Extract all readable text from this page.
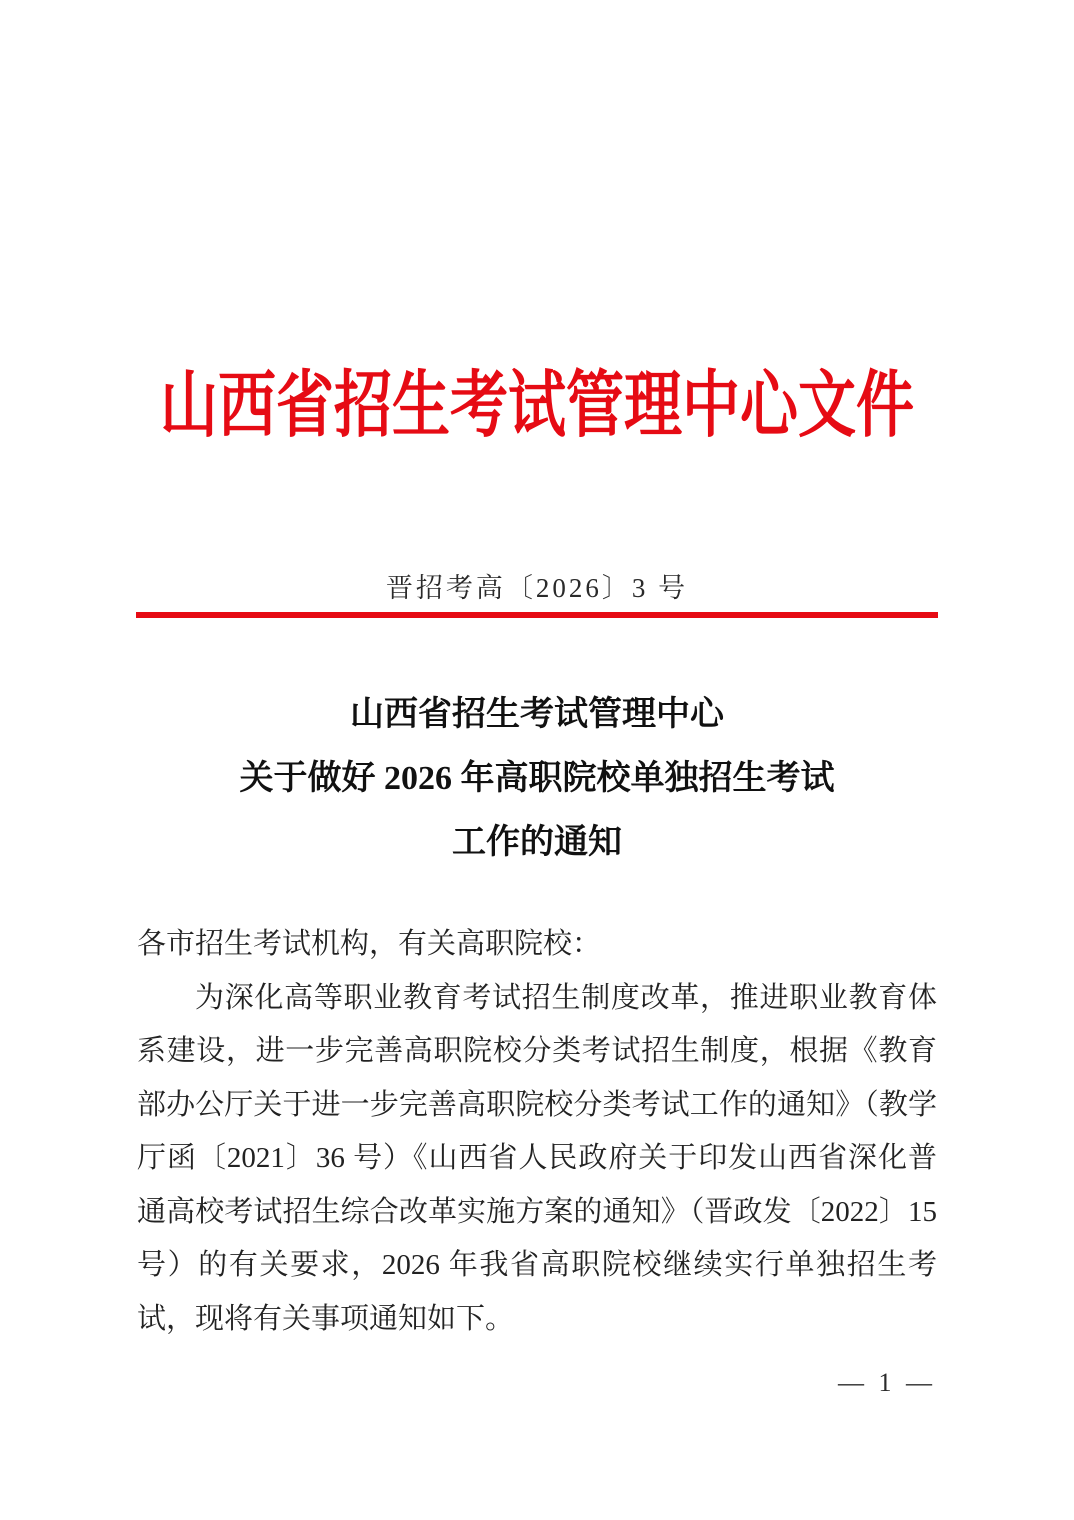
山西省招生考试管理中心文件
晋招考高〔2026〕3 号
山西省招生考试管理中心
关于做好 2026 年高职院校单独招生考试
工作的通知

各市招生考试机构，有关高职院校：

为深化高等职业教育考试招生制度改革，推进职业教育体系建设，进一步完善高职院校分类考试招生制度，根据《教育部办公厅关于进一步完善高职院校分类考试工作的通知》（教学厅函〔2021〕36 号）《山西省人民政府关于印发山西省深化普通高校考试招生综合改革实施方案的通知》（晋政发〔2022〕15 号）的有关要求，2026 年我省高职院校继续实行单独招生考试，现将有关事项通知如下。

— 1 —
